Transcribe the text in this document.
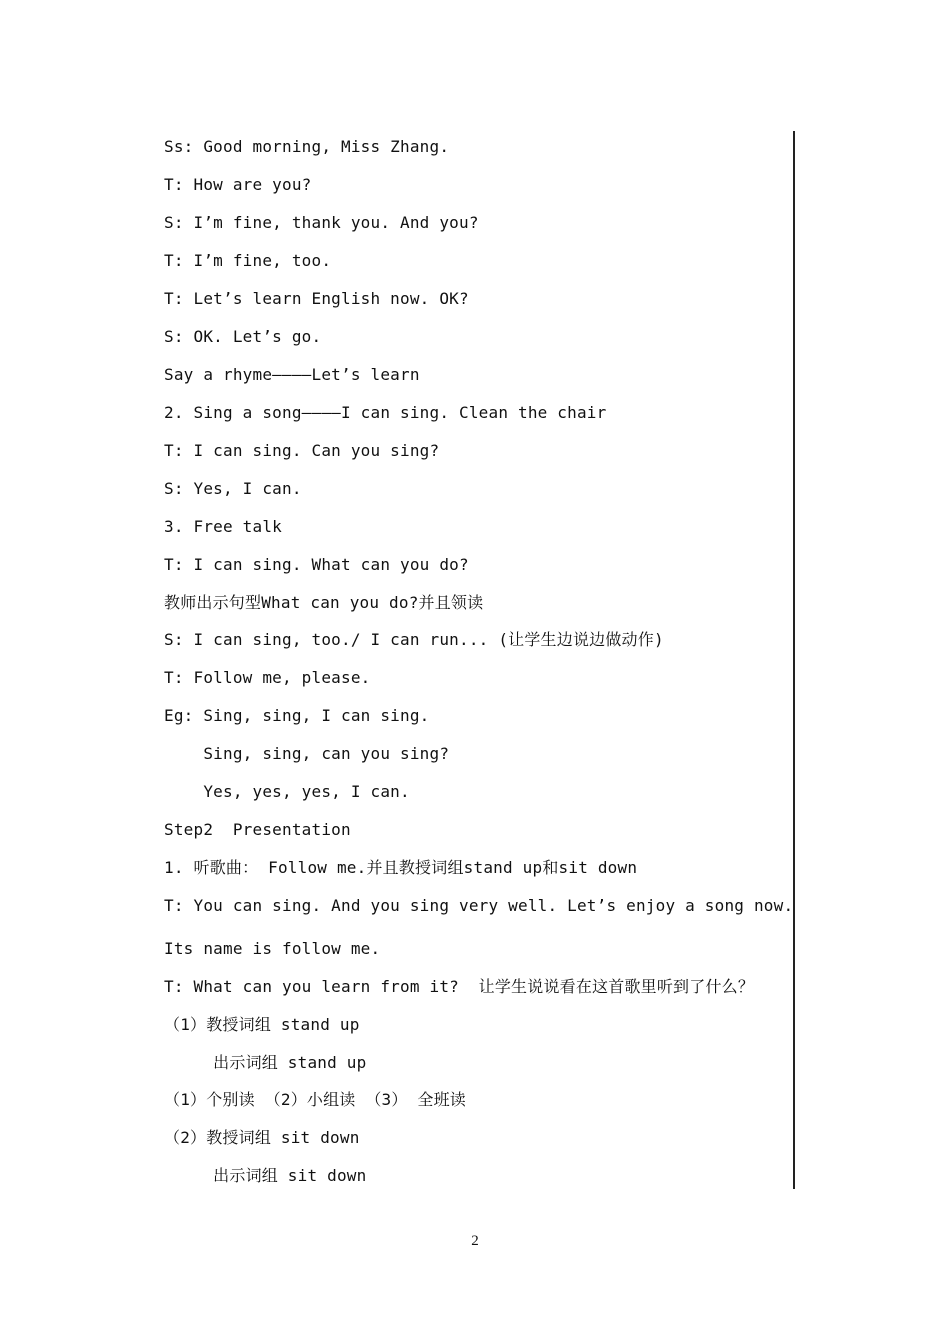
Ss: Good morning, Miss Zhang.
T: How are you?
S: I’m fine, thank you. And you?
T: I’m fine, too.
T: Let’s learn English now. OK?
S: OK. Let’s go.
Say a rhyme————Let’s learn
2. Sing a song————I can sing. Clean the chair
T: I can sing. Can you sing?
S: Yes, I can.
3. Free talk
T: I can sing. What can you do?
教师出示句型What can you do?并且领读
S: I can sing, too./ I can run... (让学生边说边做动作)
T: Follow me, please.
Eg: Sing, sing, I can sing.
Sing, sing, can you sing?
Yes, yes, yes, I can.
Step2  Presentation
1. 听歌曲： Follow me.并且教授词组stand up和sit down
T: You can sing. And you sing very well. Let’s enjoy a song now.
Its name is follow me.
T: What can you learn from it?  让学生说说看在这首歌里听到了什么？
（1）教授词组 stand up
出示词组 stand up
（1）个别读 （2）小组读 （3） 全班读
（2）教授词组 sit down
出示词组 sit down
2
